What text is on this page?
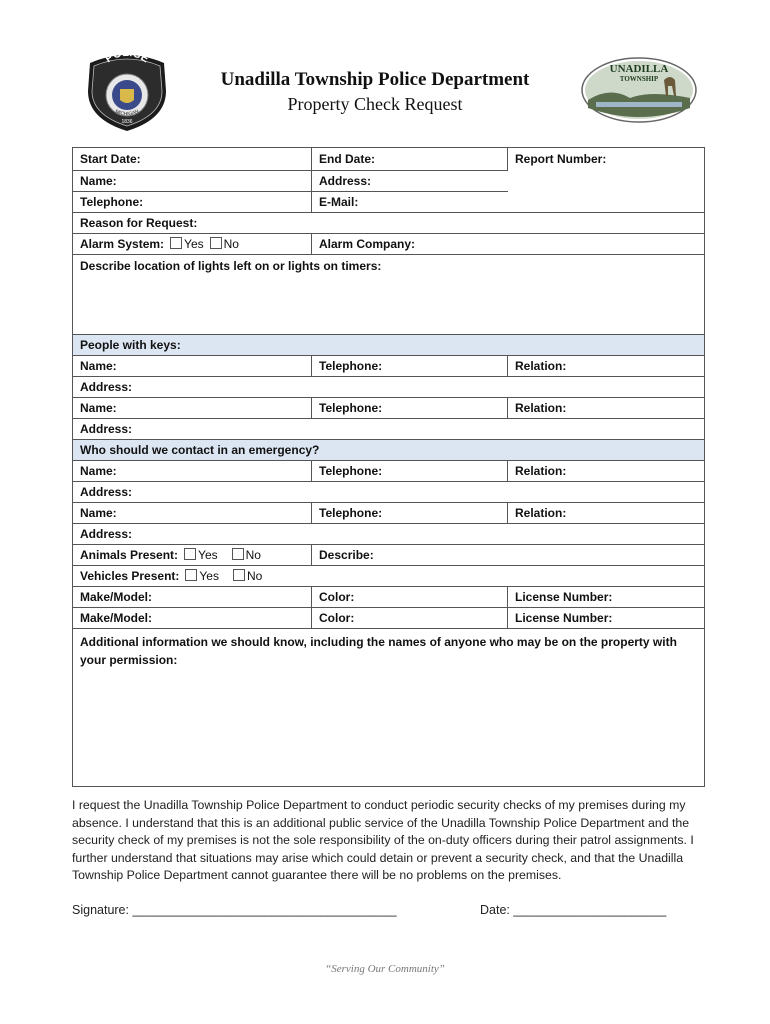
POLICE
MICHIGAN
1836
Unadilla Township Police Department
Property Check Request
UNADILLA
TOWNSHIP
Start Date:	End Date:	Report Number:
Name:	Address:	
Telephone:	E-Mail:	
Reason for Request:		
Alarm System: Yes No	Alarm Company:	
Describe location of lights left on or lights on timers:		
People with keys:		
Name:	Telephone:	Relation:
Address:		
Name:	Telephone:	Relation:
Address:		
Who should we contact in an emergency?		
Name:	Telephone:	Relation:
Address:		
Name:	Telephone:	Relation:
Address:		
Animals Present: Yes No	Describe:	
Vehicles Present: Yes No		
Make/Model:	Color:	License Number:
Make/Model:	Color:	License Number:
Additional information we should know, including the names of anyone who may be on the property with your permission:		
I request the Unadilla Township Police Department to conduct periodic security checks of my premises during my absence. I understand that this is an additional public service of the Unadilla Township Police Department and the security check of my premises is not the sole responsibility of the on-duty officers during their patrol assignments. I further understand that situations may arise which could detain or prevent a security check, and that the Unadilla Township Police Department cannot guarantee there will be no problems on the premises.
Signature: ______________________________________	Date: ______________________
“Serving Our Community”
